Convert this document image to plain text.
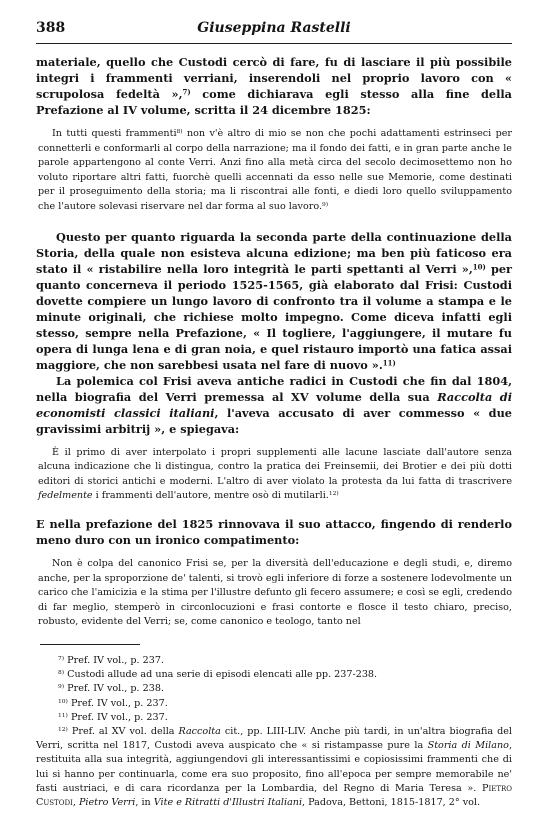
388	Giuseppina Rastelli

materiale, quello che Custodi cercò di fare, fu di lasciare il più possibile integri i frammenti verriani, inserendoli nel proprio lavoro con « scrupolosa fedeltà »,$^{7)}$ come dichiarava egli stesso alla fine della Prefazione al IV volume, scritta il 24 dicembre 1825:

In tutti questi frammenti$^{8)}$ non v'è altro di mio se non che pochi adattamenti estrinseci per connetterli e conformarli al corpo della narrazione; ma il fondo dei fatti, e in gran parte anche le parole appartengono al conte Verri. Anzi fino alla metà circa del secolo decimosettemo non ho voluto riportare altri fatti, fuorchè quelli accennati da esso nelle sue Memorie, come destinati per il proseguimento della storia; ma li riscontrai alle fonti, e diedi loro quello sviluppamento che l'autore solevasi riservare nel dar forma al suo lavoro.$^{9)}$

Questo per quanto riguarda la seconda parte della continuazione della Storia, della quale non esisteva alcuna edizione; ma ben più faticoso era stato il « ristabilire nella loro integrità le parti spettanti al Verri »,$^{10)}$ per quanto concerneva il periodo 1525-1565, già elaborato dal Frisi: Custodi dovette compiere un lungo lavoro di confronto tra il volume a stampa e le minute originali, che richiese molto impegno. Come diceva infatti egli stesso, sempre nella Prefazione, « Il togliere, l'aggiungere, il mutare fu opera di lunga lena e di gran noia, e quel ristauro importò una fatica assai maggiore, che non sarebbesi usata nel fare di nuovo ».$^{11)}$

La polemica col Frisi aveva antiche radici in Custodi che fin dal 1804, nella biografia del Verri premessa al XV volume della sua Raccolta di economisti classici italiani, l'aveva accusato di aver commesso « due gravissimi arbitrij », e spiegava:

È il primo di aver interpolato i propri supplementi alle lacune lasciate dall'autore senza alcuna indicazione che li distingua, contro la pratica dei Freinsemii, dei Brotier e dei più dotti editori di storici antichi e moderni. L'altro di aver violato la protesta da lui fatta di trascrivere fedelmente i frammenti dell'autore, mentre osò di mutilarli.$^{12)}$

E nella prefazione del 1825 rinnovava il suo attacco, fingendo di renderlo meno duro con un ironico compatimento:

Non è colpa del canonico Frisi se, per la diversità dell'educazione e degli studi, e, diremo anche, per la sproporzione de' talenti, si trovò egli inferiore di forze a sostenere lodevolmente un carico che l'amicizia e la stima per l'illustre defunto gli fecero assumere; e così se egli, credendo di far meglio, stemperò in circonlocuzioni e frasi contorte e flosce il testo chiaro, preciso, robusto, evidente del Verri; se, come canonico e teologo, tanto nel

$^{7)}$ Pref. IV vol., p. 237.
$^{8)}$ Custodi allude ad una serie di episodi elencati alle pp. 237-238.
$^{9)}$ Pref. IV vol., p. 238.
$^{10)}$ Pref. IV vol., p. 237.
$^{11)}$ Pref. IV vol., p. 237.

$^{12)}$ Pref. al XV vol. della Raccolta cit., pp. LIII-LIV. Anche più tardi, in un'altra biografia del Verri, scritta nel 1817, Custodi aveva auspicato che « si ristampasse pure la Storia di Milano, restituita alla sua integrità, aggiungendovi gli interessantissimi e copiosissimi frammenti che di lui si hanno per continuarla, come era suo proposito, fino all'epoca per sempre memorabile ne' fasti austriaci, e di cara ricordanza per la Lombardia, del Regno di Maria Teresa ». Pietro Custodi, Pietro Verri, in Vite e Ritratti d'Illustri Italiani, Padova, Bettoni, 1815-1817, 2° vol.
